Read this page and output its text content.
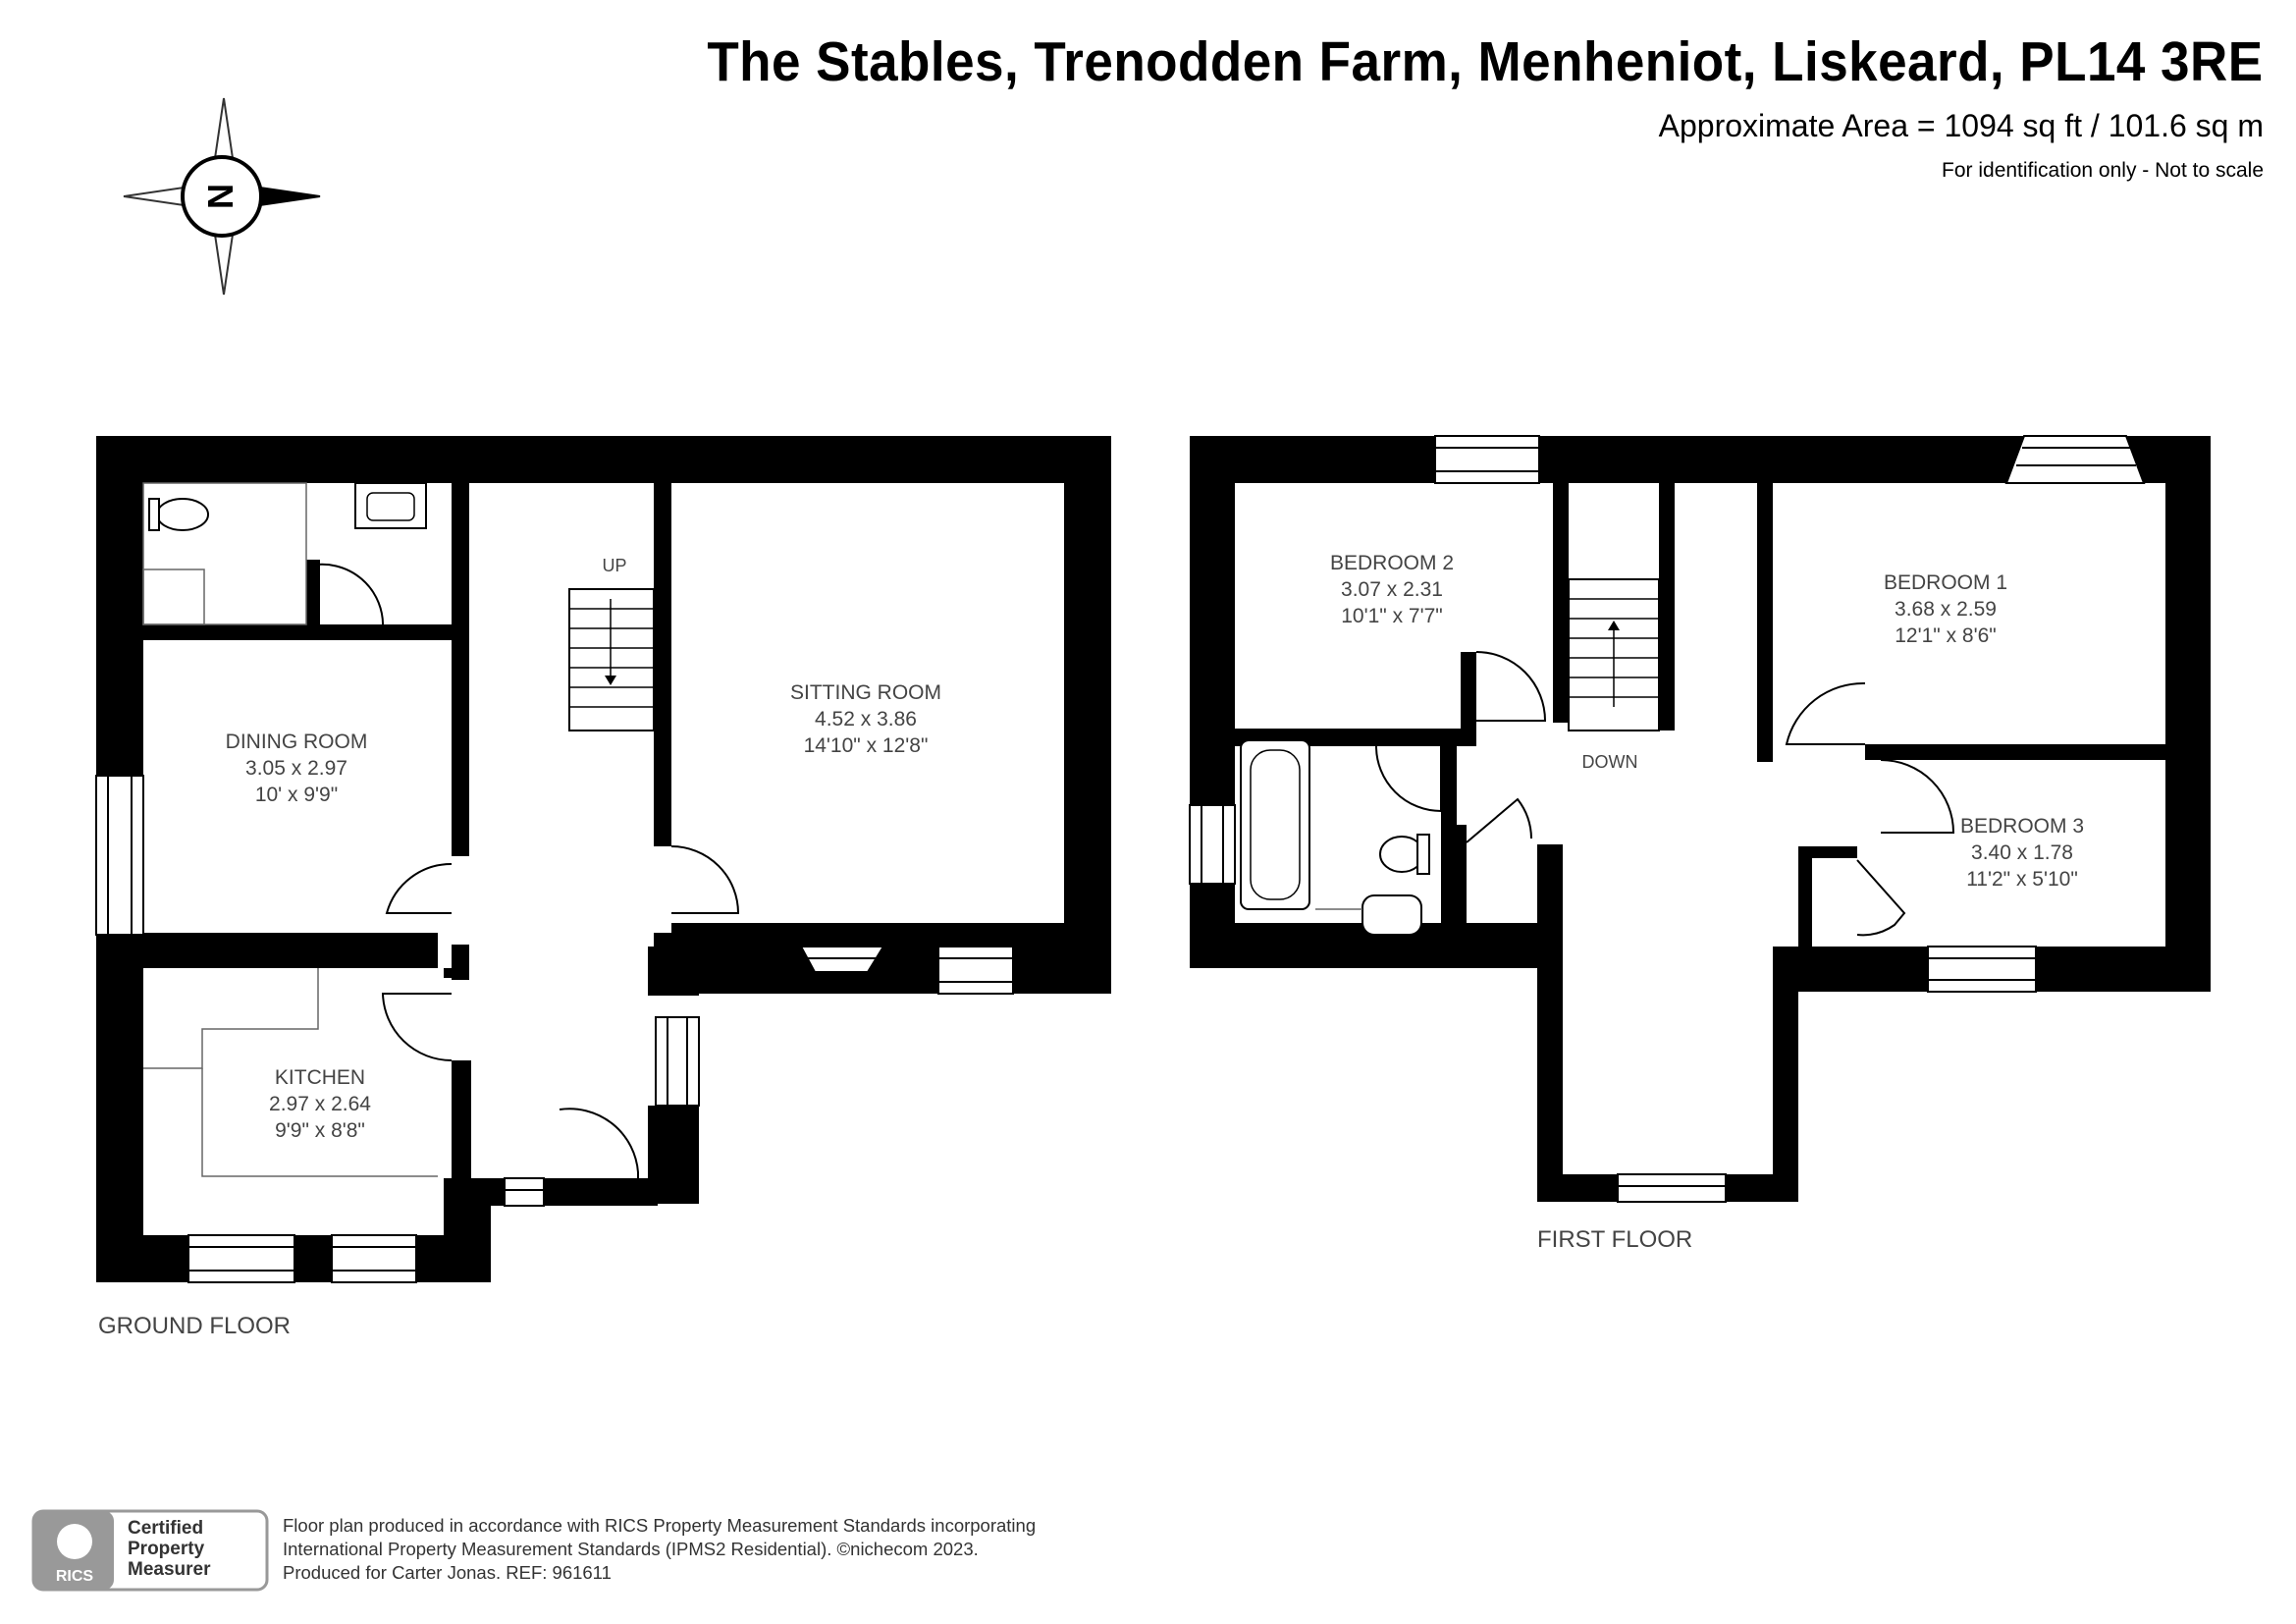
The Stables, Trenodden Farm, Menheniot, Liskeard, PL14 3RE
Approximate Area = 1094 sq ft / 101.6 sq m
For identification only - Not to scale
N
DINING ROOM
3.05 x 2.97
10' x 9'9"
SITTING ROOM
4.52 x 3.86
14'10" x 12'8"
KITCHEN
2.97 x 2.64
9'9" x 8'8"
UP
GROUND FLOOR
BEDROOM 2
3.07 x 2.31
10'1" x 7'7"
BEDROOM 1
3.68 x 2.59
12'1" x 8'6"
BEDROOM 3
3.40 x 1.78
11'2" x 5'10"
DOWN
FIRST FLOOR
RICS
Certified
Property
Measurer
Floor plan produced in accordance with RICS Property Measurement Standards incorporating
International Property Measurement Standards (IPMS2 Residential). ©nichecom 2023.
Produced for Carter Jonas. REF: 961611
